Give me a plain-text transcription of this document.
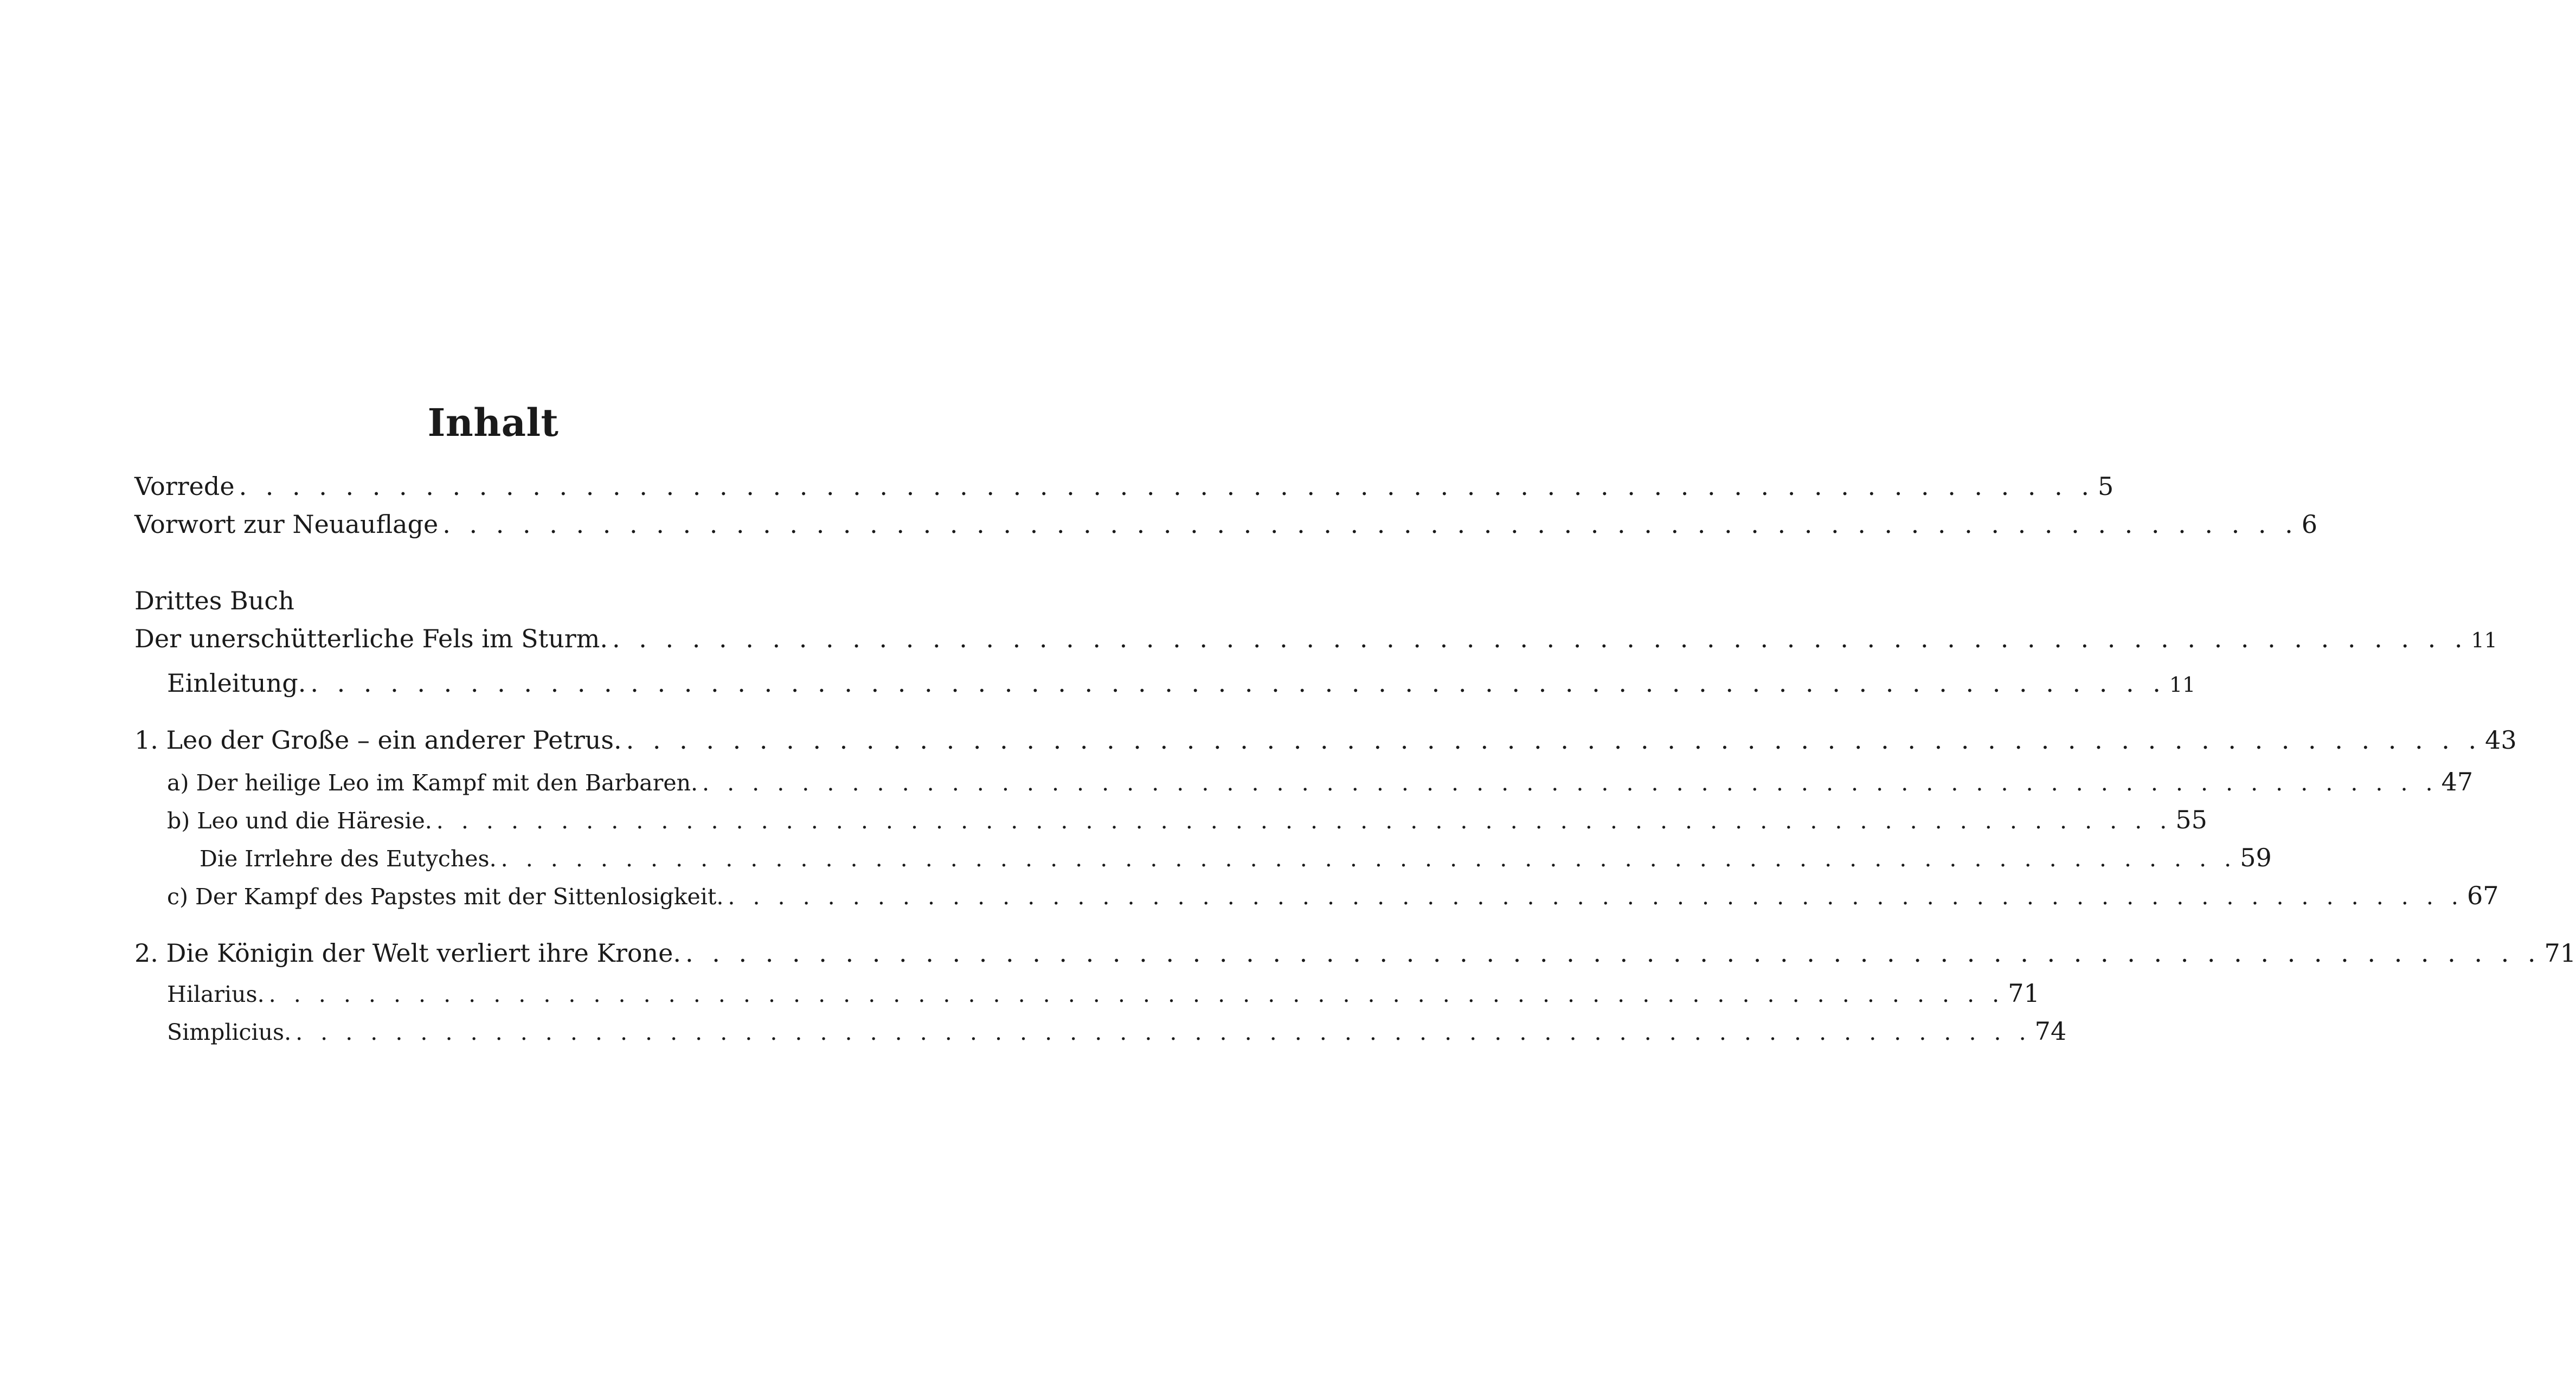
Inhalt
Vorrede . . . . . . . . . . . . . . . . . . . . . . . . . . . . . . . . . . . . . . . . . . . . . . . . . . . . . . . . . . . . . . . . . . . . . . 5
Vorwort zur Neuauflage . . . . . . . . . . . . . . . . . . . . . . . . . . . . . . . . . . . . . . . . . . . . . . . . . . . . . . . . . . . . . . . . . . . . . . 6
Drittes Buch
Der unerschütterliche Fels im Sturm. . . . . . . . . . . . . . . . . . . . . . . . . . . . . . . . . . . . . . . . . . . . . . . . . . . . . . . . . . . . . . . . . . . . . . . 11
Einleitung. . . . . . . . . . . . . . . . . . . . . . . . . . . . . . . . . . . . . . . . . . . . . . . . . . . . . . . . . . . . . . . . . . . . . . . 11
1. Leo der Große – ein anderer Petrus. . . . . . . . . . . . . . . . . . . . . . . . . . . . . . . . . . . . . . . . . . . . . . . . . . . . . . . . . . . . . . . . . . . . . . . 43
a) Der heilige Leo im Kampf mit den Barbaren. . . . . . . . . . . . . . . . . . . . . . . . . . . . . . . . . . . . . . . . . . . . . . . . . . . . . . . . . . . . . . . . . . . . . . . 47
b) Leo und die Häresie. . . . . . . . . . . . . . . . . . . . . . . . . . . . . . . . . . . . . . . . . . . . . . . . . . . . . . . . . . . . . . . . . . . . . . . 55
Die Irrlehre des Eutyches. . . . . . . . . . . . . . . . . . . . . . . . . . . . . . . . . . . . . . . . . . . . . . . . . . . . . . . . . . . . . . . . . . . . . . . 59
c) Der Kampf des Papstes mit der Sittenlosigkeit. . . . . . . . . . . . . . . . . . . . . . . . . . . . . . . . . . . . . . . . . . . . . . . . . . . . . . . . . . . . . . . . . . . . . . . 67
2. Die Königin der Welt verliert ihre Krone. . . . . . . . . . . . . . . . . . . . . . . . . . . . . . . . . . . . . . . . . . . . . . . . . . . . . . . . . . . . . . . . . . . . . . . 71
Hilarius. . . . . . . . . . . . . . . . . . . . . . . . . . . . . . . . . . . . . . . . . . . . . . . . . . . . . . . . . . . . . . . . . . . . . . . 71
Simplicius. . . . . . . . . . . . . . . . . . . . . . . . . . . . . . . . . . . . . . . . . . . . . . . . . . . . . . . . . . . . . . . . . . . . . . . 74
